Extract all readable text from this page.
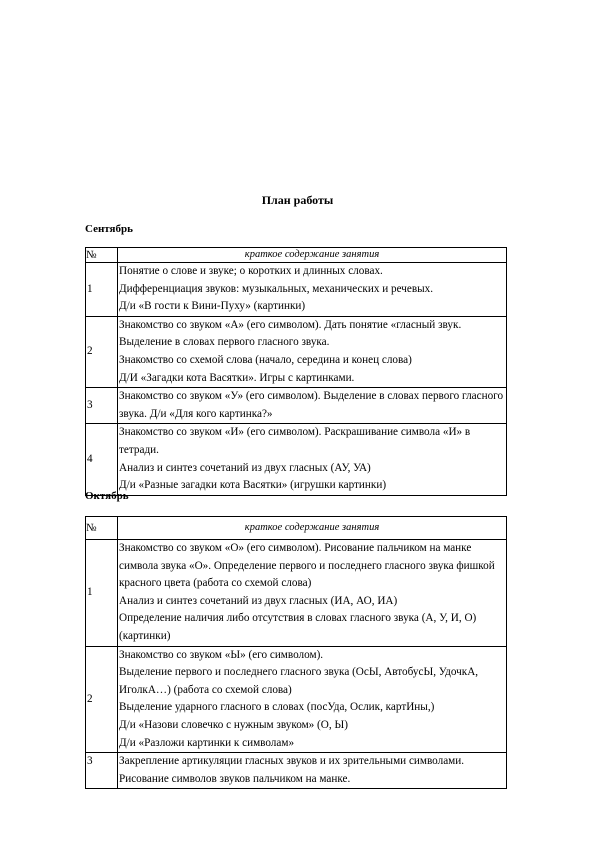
План работы
Сентябрь
№	краткое содержание занятия
1	Понятие о слове и звуке; о коротких и длинных словах.
Дифференциация звуков: музыкальных, механических и речевых.
Д/и «В гости к Вини-Пуху» (картинки)

2	Знакомство со звуком «А» (его символом). Дать понятие «гласный звук.
Выделение в словах первого гласного звука.
Знакомство со схемой слова (начало, середина и конец слова)
Д/И «Загадки кота Васятки». Игры с картинками.

3	Знакомство со звуком «У» (его символом). Выделение в словах первого гласного звука. Д/и «Для кого картинка?»

4	Знакомство со звуком «И» (его символом). Раскрашивание символа «И» в тетради.
Анализ и синтез сочетаний из двух гласных (АУ, УА)
Д/и «Разные загадки кота Васятки» (игрушки картинки)
Октябрь
№	краткое содержание занятия
1	Знакомство со звуком «О» (его символом). Рисование пальчиком на манке символа звука «О». Определение первого и последнего гласного звука фишкой красного цвета (работа со схемой слова)
Анализ и синтез сочетаний из двух гласных (ИА, АО, ИА)
Определение наличия либо отсутствия в словах гласного звука (А, У, И, О) (картинки)

2	Знакомство со звуком «Ы» (его символом).
Выделение первого и последнего гласного звука (ОсЫ, АвтобусЫ, УдочкА, ИголкА…) (работа со схемой слова)
Выделение ударного гласного в словах (посУда, Ослик, картИны,)
Д/и «Назови словечко с нужным звуком» (О, Ы)
Д/и «Разложи картинки к символам»

3	Закрепление артикуляции гласных звуков и их зрительными символами.
Рисование символов звуков пальчиком на манке.
